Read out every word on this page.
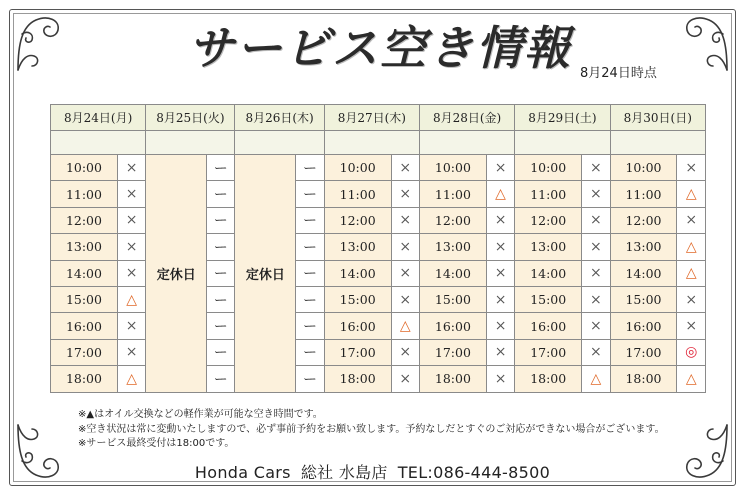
サービス空き情報 8月24日時点
8月24日(月)		8月25日(火)		8月26日(木)		8月27日(木)		8月28日(金)		8月29日(土)		8月30日(日)	

10:00	×	定休日	ー	定休日	ー	10:00	×	10:00	×	10:00	×	10:00	×
11:00	×		ー		ー	11:00	×	11:00	△	11:00	×	11:00	△
12:00	×		ー		ー	12:00	×	12:00	×	12:00	×	12:00	×
13:00	×		ー		ー	13:00	×	13:00	×	13:00	×	13:00	△
14:00	×		ー		ー	14:00	×	14:00	×	14:00	×	14:00	△
15:00	△		ー		ー	15:00	×	15:00	×	15:00	×	15:00	×
16:00	×		ー		ー	16:00	△	16:00	×	16:00	×	16:00	×
17:00	×		ー		ー	17:00	×	17:00	×	17:00	×	17:00	◎
18:00	△		ー		ー	18:00	×	18:00	×	18:00	△	18:00	△
※▲はオイル交換などの軽作業が可能な空き時間です。
※空き状況は常に変動いたしますので、必ず事前予約をお願い致します。予約なしだとすぐのご対応ができない場合がございます。
※サービス最終受付は18:00です。
Honda Cars 総社 水島店 TEL:086-444-8500
